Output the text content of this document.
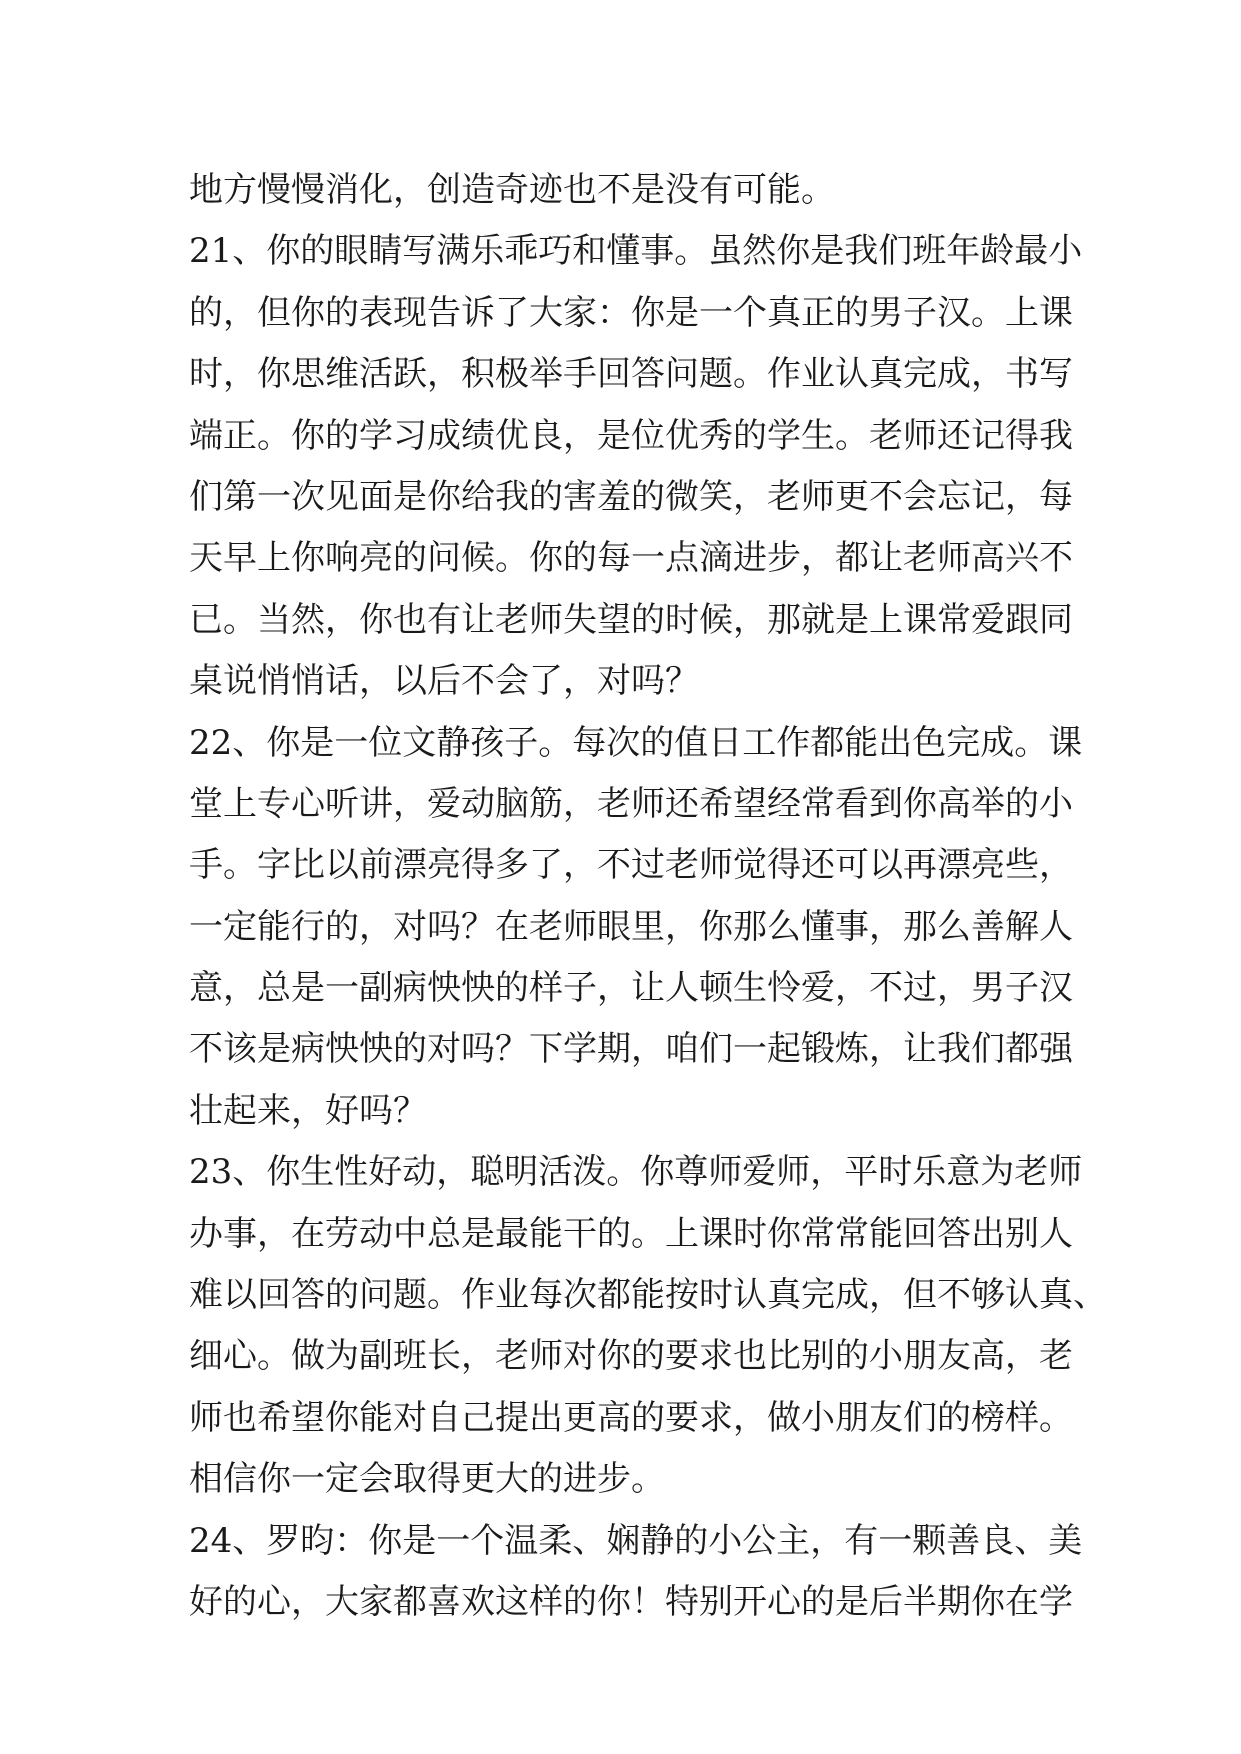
地方慢慢消化，创造奇迹也不是没有可能。
21、你的眼睛写满乐乖巧和懂事。虽然你是我们班年龄最小
的，但你的表现告诉了大家：你是一个真正的男子汉。上课
时，你思维活跃，积极举手回答问题。作业认真完成，书写
端正。你的学习成绩优良，是位优秀的学生。老师还记得我
们第一次见面是你给我的害羞的微笑，老师更不会忘记，每
天早上你响亮的问候。你的每一点滴进步，都让老师高兴不
已。当然，你也有让老师失望的时候，那就是上课常爱跟同
桌说悄悄话，以后不会了，对吗？
22、你是一位文静孩子。每次的值日工作都能出色完成。课
堂上专心听讲，爱动脑筋，老师还希望经常看到你高举的小
手。字比以前漂亮得多了，不过老师觉得还可以再漂亮些，
一定能行的，对吗？在老师眼里，你那么懂事，那么善解人
意，总是一副病怏怏的样子，让人顿生怜爱，不过，男子汉
不该是病怏怏的对吗？下学期，咱们一起锻炼，让我们都强
壮起来，好吗？
23、你生性好动，聪明活泼。你尊师爱师，平时乐意为老师
办事，在劳动中总是最能干的。上课时你常常能回答出别人
难以回答的问题。作业每次都能按时认真完成，但不够认真、
细心。做为副班长，老师对你的要求也比别的小朋友高，老
师也希望你能对自己提出更高的要求，做小朋友们的榜样。
相信你一定会取得更大的进步。
24、罗昀：你是一个温柔、娴静的小公主，有一颗善良、美
好的心，大家都喜欢这样的你！特别开心的是后半期你在学
